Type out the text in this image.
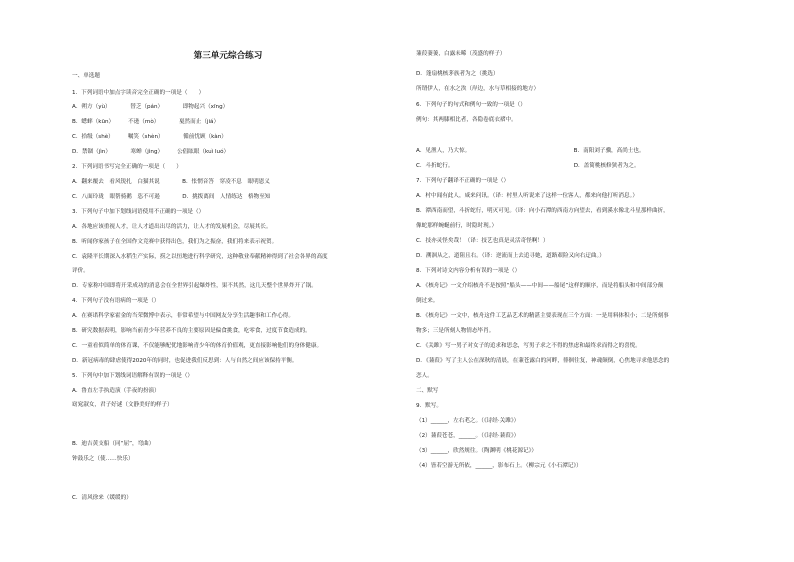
第三单元综合练习
一、单选题
1．下列词语中加点字读音完全正确的一项是（　　）
A．朔方（yù）　　　　替乏（pán）　　　　即物起兴（xīng）
B．蟋蟀（kūn）　　　不逊（mò）　　　　戛然而止（jiá）
C．拾级（shè）　　　嘱笑（shèn）　　　　循前忧顾（kàn）
D．禁锢（jìn）　　　　寒蝉（jìng）　　　公倡眩眼（kuì luó）
2．下列词语书写完全正确的一项是（　　）
A．翻来覆去　看风锐扎　白猫其说　　　　B．怅惘音答　穿凌不息　眼明恩义
C．八面玲珑　眼帮骑鹅　恣不可遏　　　　D．挑拨离间　人情练达　格物至知
3．下列句子中加下划线词语使用不正确的一项是（）
A．各地应该重视人才，让人才道出出尽的活力，让人才的发展机会，尽展其长。
B．听闻你家孩子在全国作文竞赛中获得出色，我们为之振奋，我们将来表示祝贺。
C．袁隆平长期深入水稻生产实际，捞之以恒地进行科学研究，这种敬业奉献精神得到了社会各界的高度
评价。
D．专家称中国即将开采成功的消息会在全世界引起爆炸性，果不其然，这几天整个世界炸开了锅。
4．下列句子没有语病的一项是（）
A．在赛诺科学家霍金的当荣微博中表示，非常希望与中国网友分享生活趣事和工作心得。
B．研究数据表明，影响当前青少年营养不良的主要原因是偏食挑食，吃零食，过度节食造成的。
C．一童看似简单的体育课，不仅能够配优地影响青少年的体育价值观，更直接影响他们的身体健康。
D．新冠病毒的肆虐使得2020年的同时，也促进我们反思到：人与自然之间应该保持平衡。
5．下列句中加下划线词语解释有误的一项是（）
A．鲁直左手执造演（手夜的扮演）
窈窕淑女，君子好逑（文静美好的样子）
B．迪吉黄支船（同“屈”，弯曲）
钟鼓乐之（使……快乐）
C．清风徐来（缓缓的）
蒹葭萋萋，白露未晞（茂盛的样子）
D．蓬扇桃核茅族者为之（挑选）
所谓伊人，在水之涘（岸边，水与草相接的地方）
6．下列句子的句式和例句一致的一项是（）
例句：其两膝相比者，各隐卷底衣褶中。
A．见渔人，乃大惊。　　　　　　　　　　　　　　　　　　　B．南阳刘子骥，高尚士也。
C．斗折蛇行。　　　　　　　　　　　　　　　　　　　　　　D．盖简桃核修狭者为之。
7．下列句子翻译不正确的一项是（）
A．村中闻有此人，咸来问讯。（译：村里人听说来了这样一位客人，都来向他打听消息。）
B．潭西南而望，斗折蛇行，明灭可见。（译：向小石潭的西南方向望去，看到溪水像北斗星那样曲折，
像蛇那样蜿蜒前行，时隐时现。）
C．技亦灵怪矣哉！（译：技艺也真是灵活奇怪啊！）
D．溯洄从之，道阻且右。（译：逆流而上去追寻她，道路艰险又向右迂曲。）
8．下列对诗文内容分析有误的一项是（）
A．《核舟记》一文介绍核舟不是按照“船头——中间——船尾”这样的顺序，而是将船头和中间部分颠
倒过来。
B．《核舟记》一文中，核舟这件工艺品艺术的精湛主要表现在三个方面：一是用料体积小；二是所刻事
物多；三是所刻人物情态毕肖。
C．《关雎》写一男子对女子的追求和思念，写男子求之不得的焦虑和最终求而得之的喜悦。
D．《蒹葭》写了主人公在深秋的清晨，在蒹苍露白的河畔，徘徊往复，神魂颠倒，心焦地寻求他思念的
恋人。
二、默写
9．默写。
（1）______，左右芼之。（《诗经·关雎》）
（2）蒹葭苍苍，______。（《诗经·蒹葭》）
（3）______，欣然规往。（陶渊明《桃花源记》）
（4）皆若空游无所依，______，影布石上。（柳宗元《小石潭记》）
